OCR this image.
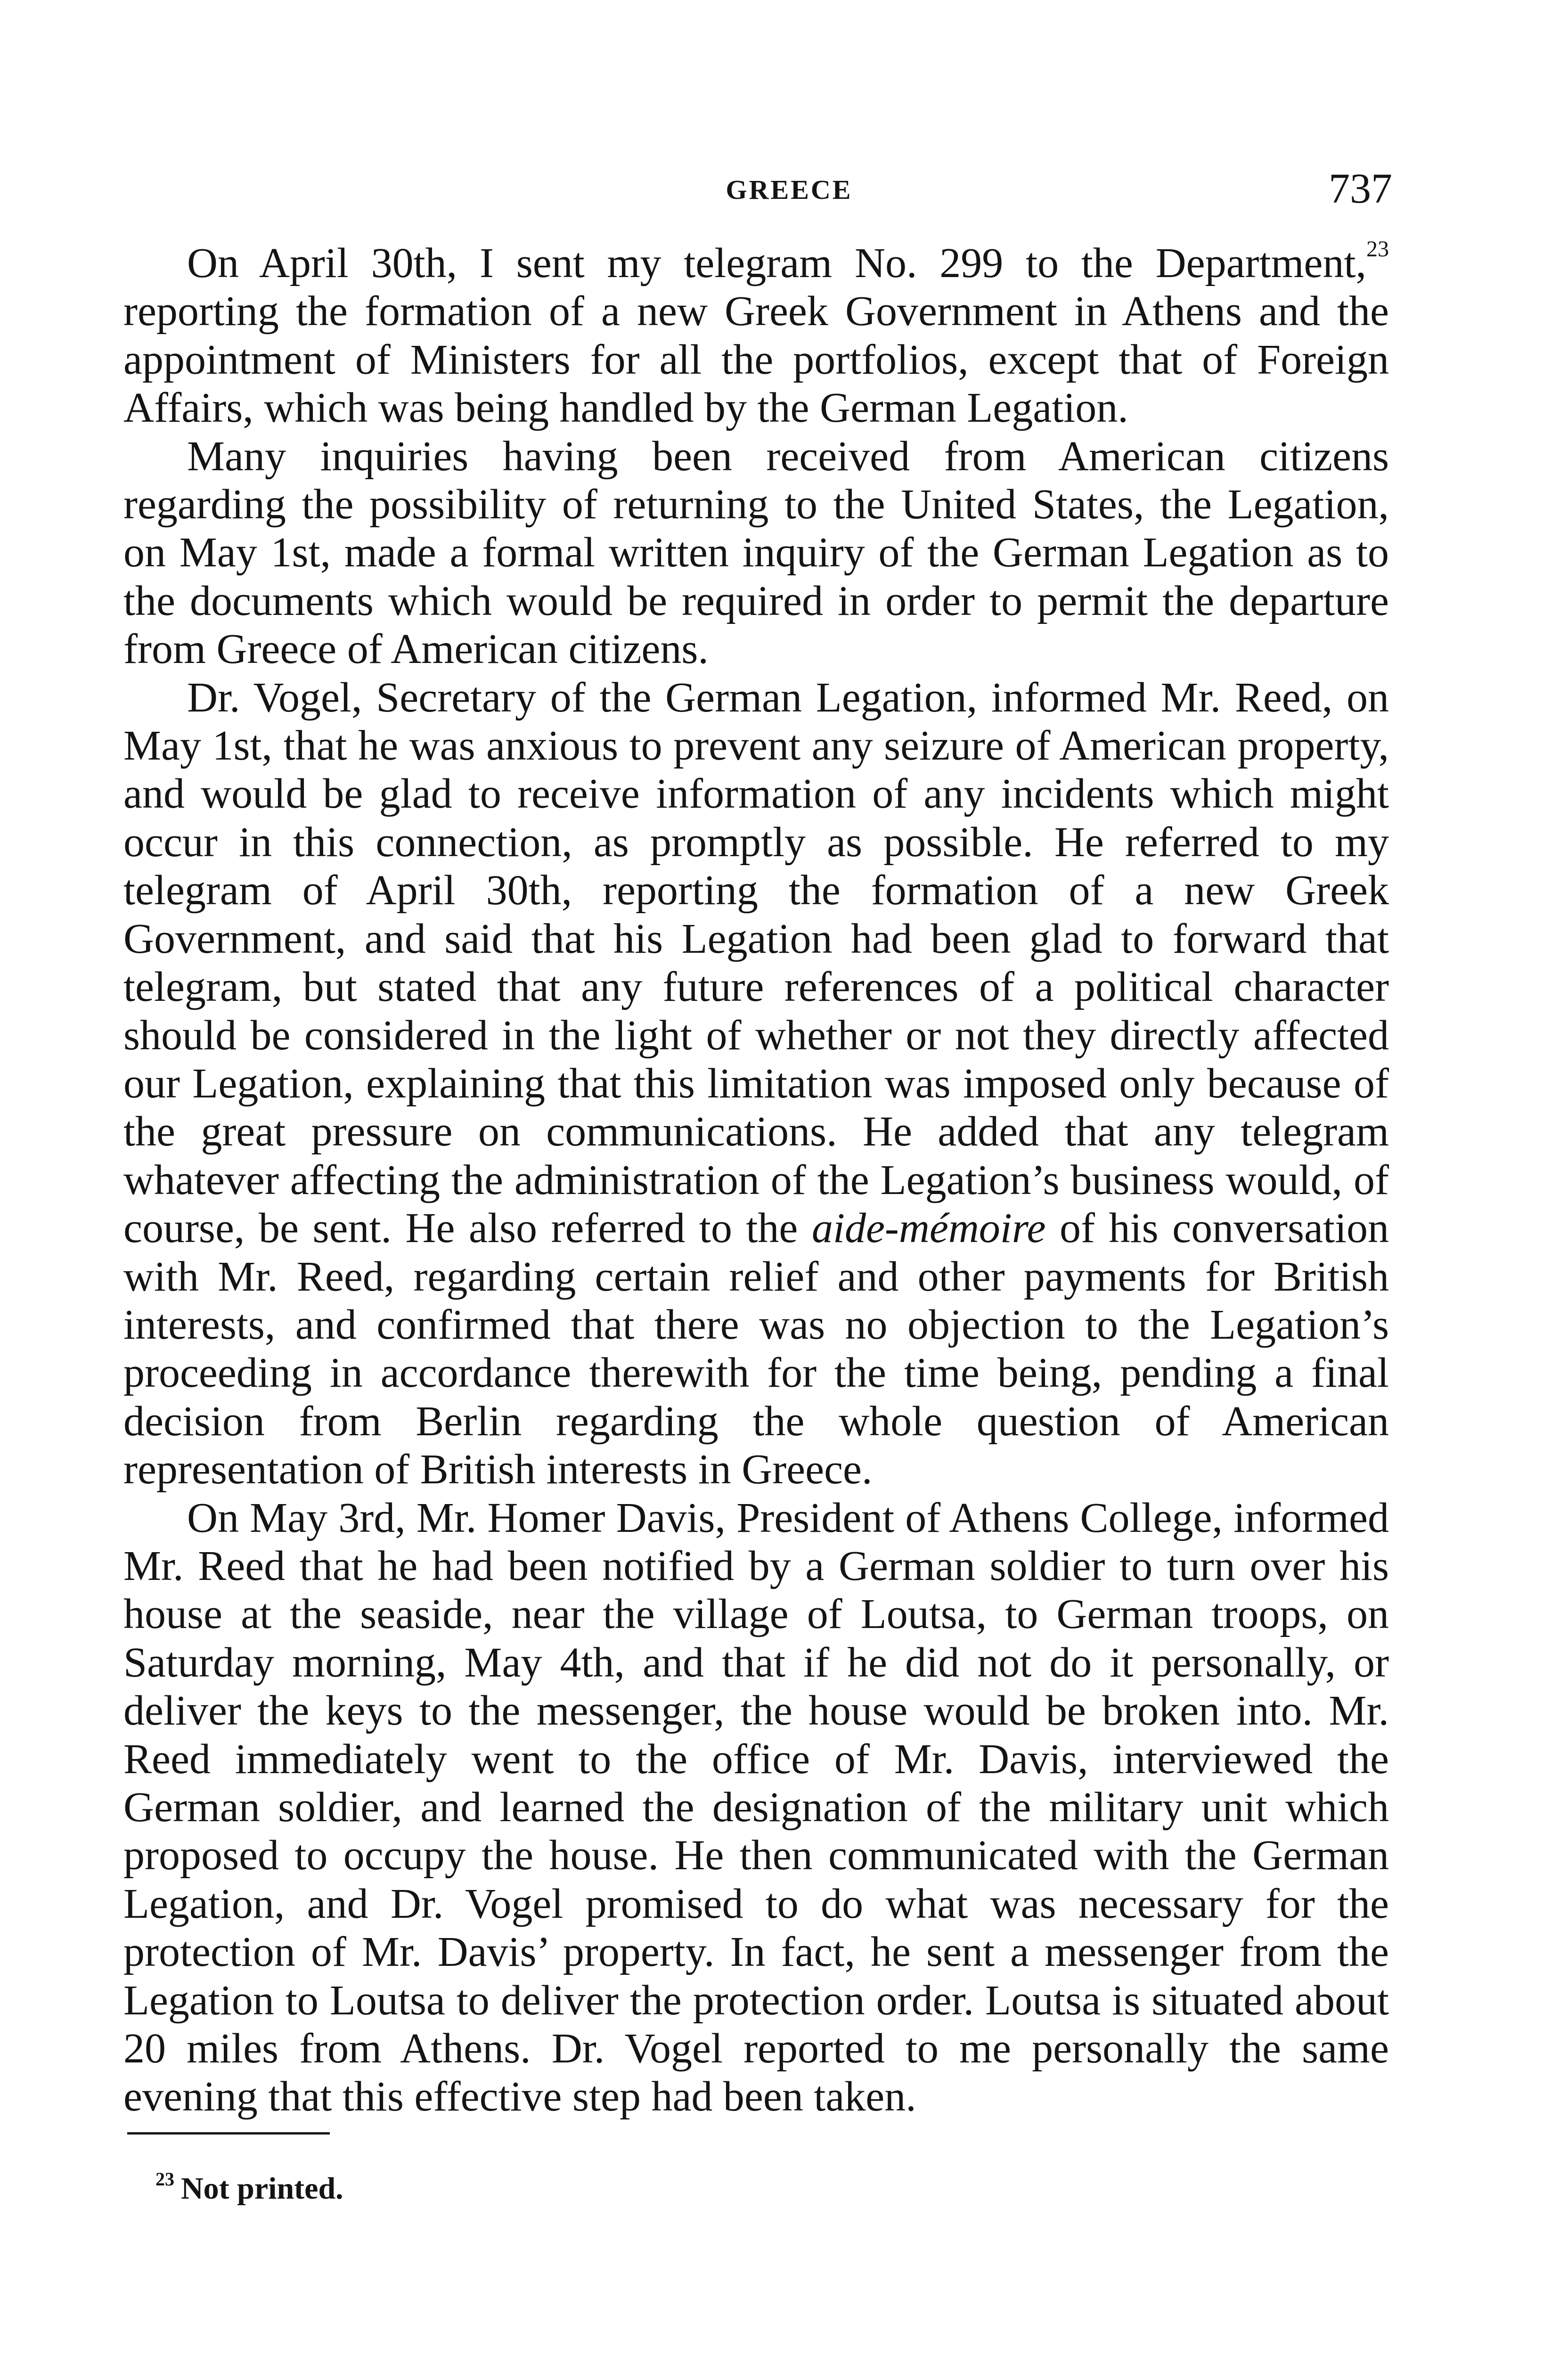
GREECE	737

On April 30th, I sent my telegram No. 299 to the Department,$^{23}$ reporting the formation of a new Greek Government in Athens and the appointment of Ministers for all the portfolios, except that of Foreign Affairs, which was being handled by the German Legation.

Many inquiries having been received from American citizens regarding the possibility of returning to the United States, the Legation, on May 1st, made a formal written inquiry of the German Legation as to the documents which would be required in order to permit the departure from Greece of American citizens.

Dr. Vogel, Secretary of the German Legation, informed Mr. Reed, on May 1st, that he was anxious to prevent any seizure of American property, and would be glad to receive information of any incidents which might occur in this connection, as promptly as possible. He referred to my telegram of April 30th, reporting the formation of a new Greek Government, and said that his Legation had been glad to forward that telegram, but stated that any future references of a political character should be considered in the light of whether or not they directly affected our Legation, explaining that this limitation was imposed only because of the great pressure on communications. He added that any telegram whatever affecting the administration of the Legation’s business would, of course, be sent. He also referred to the aide-mémoire of his conversation with Mr. Reed, regarding certain relief and other payments for British interests, and confirmed that there was no objection to the Legation’s proceeding in accordance therewith for the time being, pending a final decision from Berlin regarding the whole question of American representation of British interests in Greece.

On May 3rd, Mr. Homer Davis, President of Athens College, informed Mr. Reed that he had been notified by a German soldier to turn over his house at the seaside, near the village of Loutsa, to German troops, on Saturday morning, May 4th, and that if he did not do it personally, or deliver the keys to the messenger, the house would be broken into. Mr. Reed immediately went to the office of Mr. Davis, interviewed the German soldier, and learned the designation of the military unit which proposed to occupy the house. He then communicated with the German Legation, and Dr. Vogel promised to do what was necessary for the protection of Mr. Davis’ property. In fact, he sent a messenger from the Legation to Loutsa to deliver the protection order. Loutsa is situated about 20 miles from Athens. Dr. Vogel reported to me personally the same evening that this effective step had been taken.

$^{23}$ Not printed.
